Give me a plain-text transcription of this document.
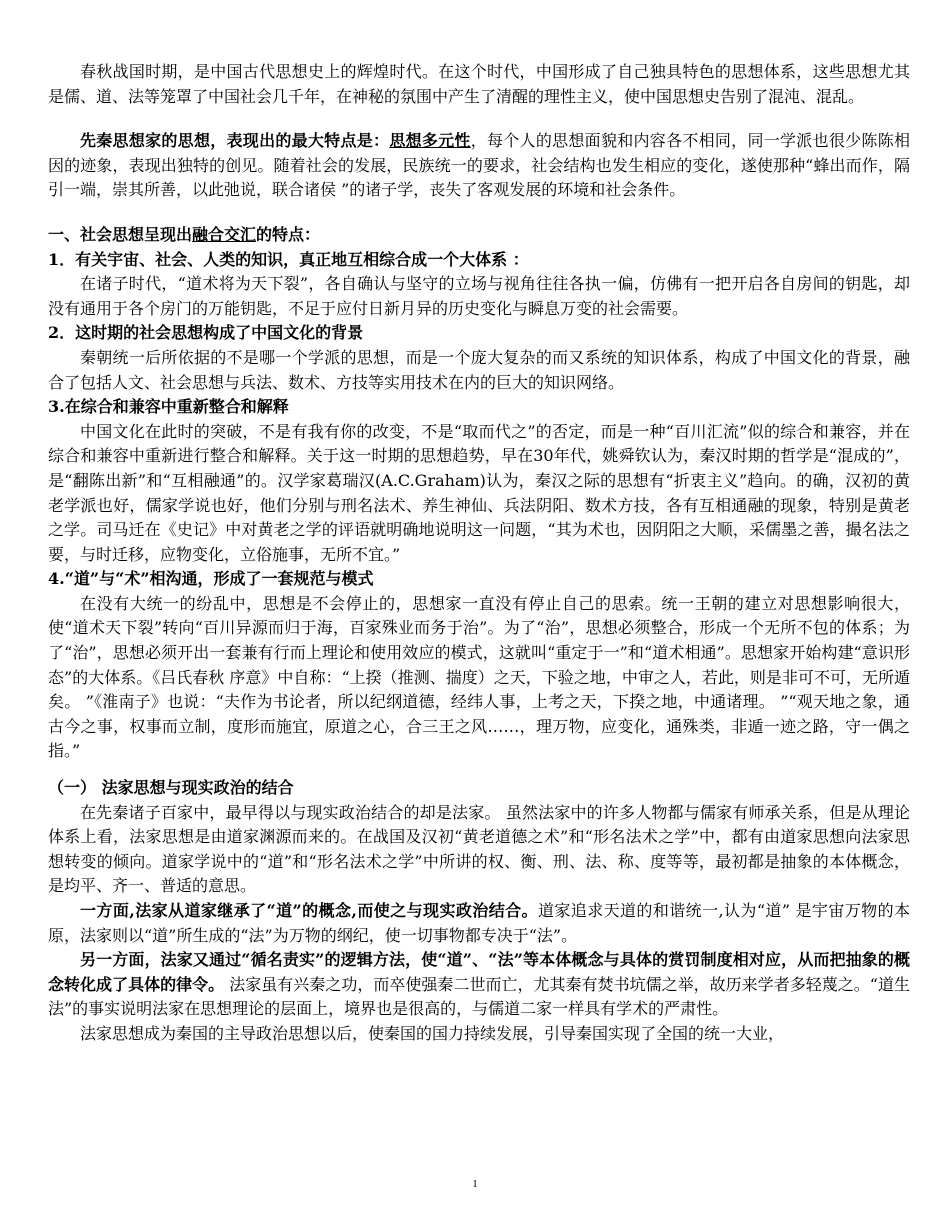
春秋战国时期，是中国古代思想史上的辉煌时代。在这个时代，中国形成了自己独具特色的思想体系，这些思想尤其是儒、道、法等笼罩了中国社会几千年，在神秘的氛围中产生了清醒的理性主义，使中国思想史告别了混沌、混乱。

先秦思想家的思想，表现出的最大特点是：思想多元性，每个人的思想面貌和内容各不相同，同一学派也很少陈陈相因的迹象，表现出独特的创见。随着社会的发展，民族统一的要求，社会结构也发生相应的变化，遂使那种“蜂出而作，隔引一端，崇其所善，以此弛说，联合诸侯 ”的诸子学，丧失了客观发展的环境和社会条件。

一、社会思想呈现出融合交汇的特点：

1．有关宇宙、社会、人类的知识，真正地互相综合成一个大体系 ：

在诸子时代，“道术将为天下裂”，各自确认与坚守的立场与视角往往各执一偏，仿佛有一把开启各自房间的钥匙，却没有通用于各个房门的万能钥匙，不足于应付日新月异的历史变化与瞬息万变的社会需要。

2．这时期的社会思想构成了中国文化的背景

秦朝统一后所依据的不是哪一个学派的思想，而是一个庞大复杂的而又系统的知识体系，构成了中国文化的背景，融合了包括人文、社会思想与兵法、数术、方技等实用技术在内的巨大的知识网络。

3.在综合和兼容中重新整合和解释

中国文化在此时的突破，不是有我有你的改变，不是“取而代之”的否定，而是一种“百川汇流”似的综合和兼容，并在综合和兼容中重新进行整合和解释。关于这一时期的思想趋势，早在30年代，姚舜钦认为，秦汉时期的哲学是“混成的”，是“翻陈出新”和“互相融通”的。汉学家葛瑞汉(A.C.Graham)认为，秦汉之际的思想有“折衷主义”趋向。的确，汉初的黄老学派也好，儒家学说也好，他们分别与刑名法术、养生神仙、兵法阴阳、数术方技，各有互相通融的现象，特别是黄老之学。司马迁在《史记》中对黄老之学的评语就明确地说明这一问题，“其为术也，因阴阳之大顺，采儒墨之善，撮名法之要，与时迁移，应物变化，立俗施事，无所不宜。”

4.“道”与“术”相沟通，形成了一套规范与模式

在没有大统一的纷乱中，思想是不会停止的，思想家一直没有停止自己的思索。统一王朝的建立对思想影响很大，使“道术天下裂”转向“百川异源而归于海，百家殊业而务于治”。为了“治”，思想必须整合，形成一个无所不包的体系；为了“治”，思想必须开出一套兼有行而上理论和使用效应的模式，这就叫“重定于一”和“道术相通”。思想家开始构建“意识形态”的大体系。《吕氏春秋 序意》中自称：“上揆（推测、揣度）之天，下验之地，中审之人，若此，则是非可不可，无所遁矣。 ”《淮南子》也说：“夫作为书论者，所以纪纲道德，经纬人事，上考之天，下揆之地，中通诸理。 ”“观天地之象，通古今之事，权事而立制，度形而施宜，原道之心，合三王之风……，理万物，应变化，通殊类，非遁一迹之路，守一偶之指。”

（一） 法家思想与现实政治的结合

在先秦诸子百家中，最早得以与现实政治结合的却是法家。 虽然法家中的许多人物都与儒家有师承关系，但是从理论体系上看，法家思想是由道家渊源而来的。在战国及汉初“黄老道德之术”和“形名法术之学”中，都有由道家思想向法家思想转变的倾向。道家学说中的“道”和“形名法术之学”中所讲的权、衡、刑、法、称、度等等，最初都是抽象的本体概念，是均平、齐一、普适的意思。

一方面,法家从道家继承了“道”的概念,而使之与现实政治结合。道家追求天道的和谐统一,认为“道” 是宇宙万物的本原，法家则以“道”所生成的“法”为万物的纲纪，使一切事物都专决于“法”。

另一方面，法家又通过“循名责实”的逻辑方法，使“道”、“法”等本体概念与具体的赏罚制度相对应，从而把抽象的概念转化成了具体的律令。 法家虽有兴秦之功，而卒使强秦二世而亡，尤其秦有焚书坑儒之举，故历来学者多轻蔑之。“道生法”的事实说明法家在思想理论的层面上，境界也是很高的，与儒道二家一样具有学术的严肃性。

法家思想成为秦国的主导政治思想以后，使秦国的国力持续发展，引导秦国实现了全国的统一大业，

1
